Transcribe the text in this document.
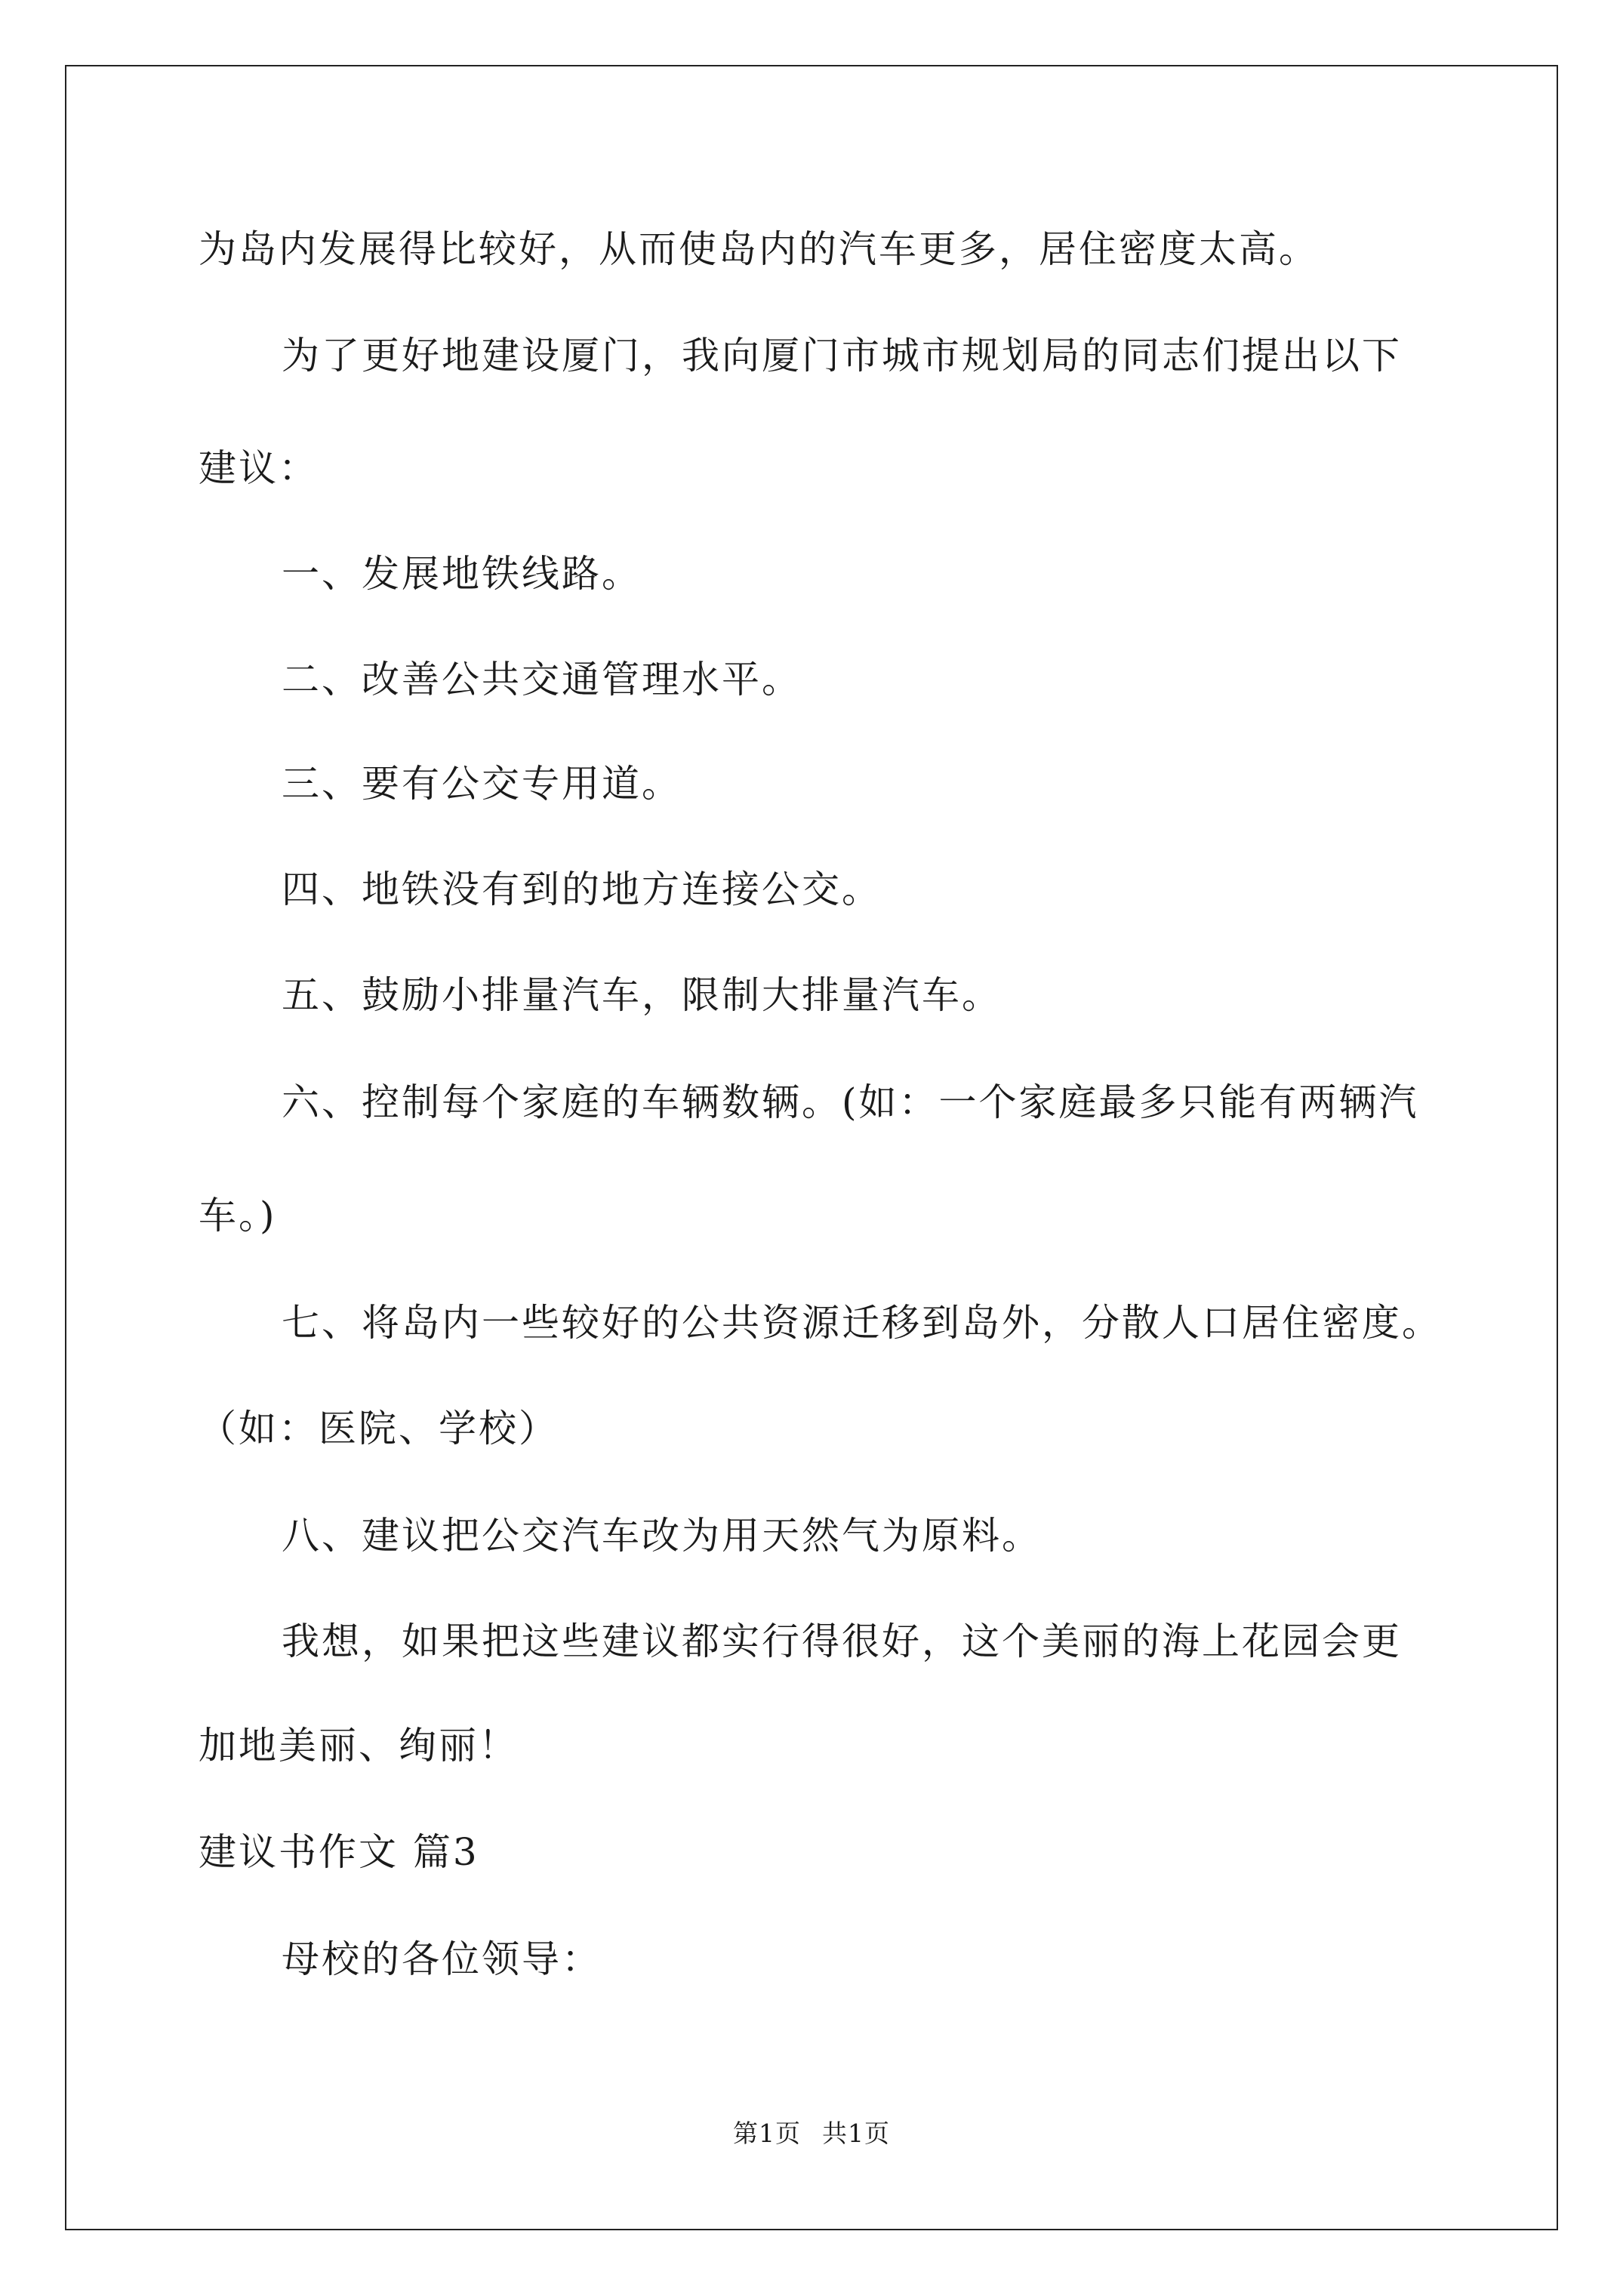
为岛内发展得比较好，从而使岛内的汽车更多，居住密度太高。
为了更好地建设厦门，我向厦门市城市规划局的同志们提出以下
建议：
一、发展地铁线路。
二、改善公共交通管理水平。
三、要有公交专用道。
四、地铁没有到的地方连接公交。
五、鼓励小排量汽车，限制大排量汽车。
六、控制每个家庭的车辆数辆。(如：一个家庭最多只能有两辆汽
车。)
七、将岛内一些较好的公共资源迁移到岛外，分散人口居住密度。
（如：医院、学校）
八、建议把公交汽车改为用天然气为原料。
我想，如果把这些建议都实行得很好，这个美丽的海上花园会更
加地美丽、绚丽！
建议书作文 篇3
母校的各位领导：
第1页 共1页
